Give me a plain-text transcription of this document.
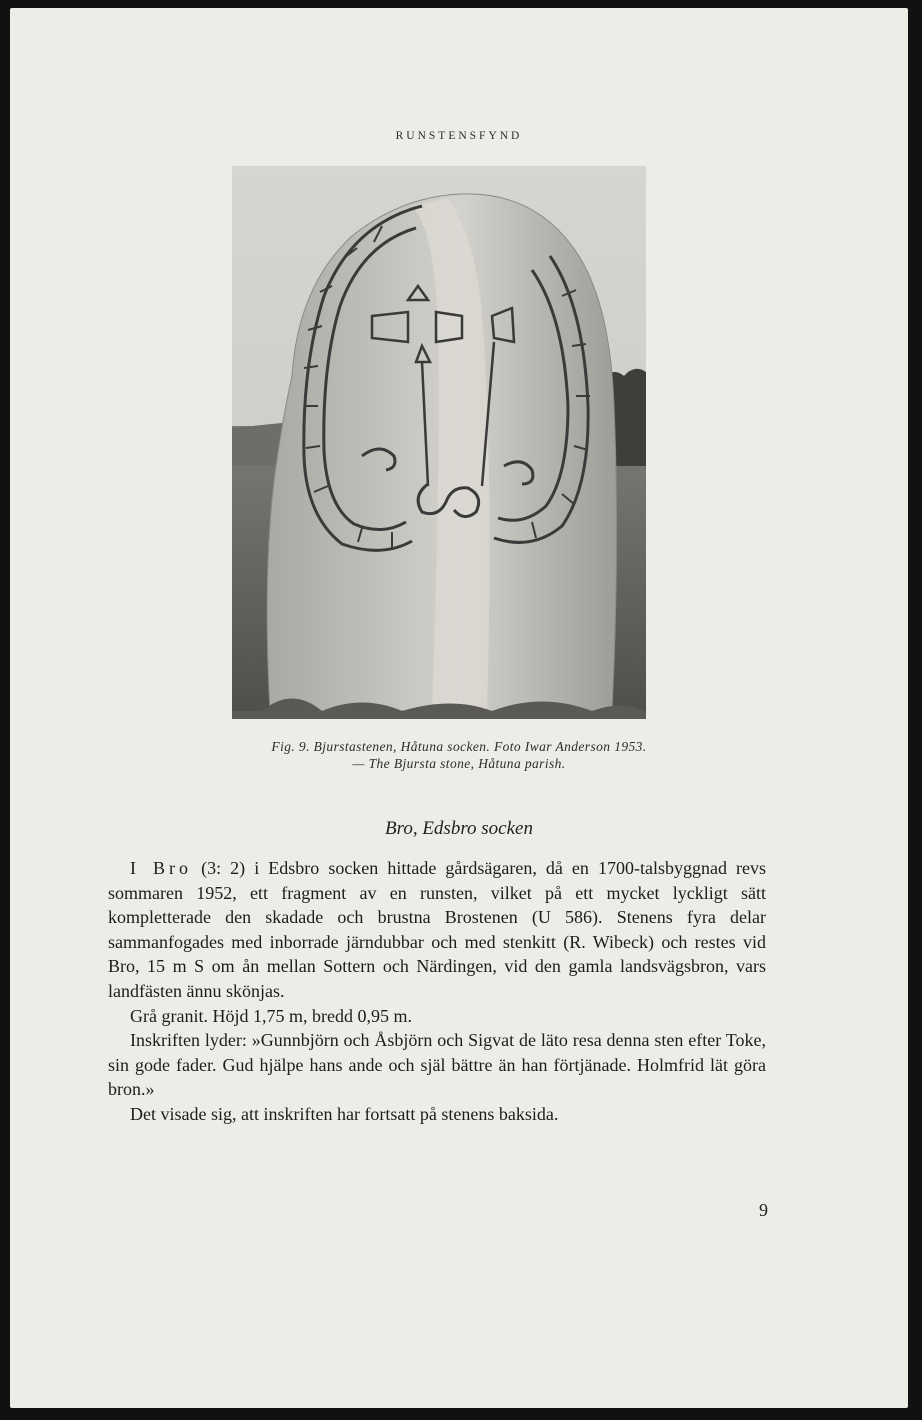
RUNSTENSFYND
Fig. 9. Bjurstastenen, Håtuna socken. Foto Iwar Anderson 1953.
— The Bjursta stone, Håtuna parish.
Bro, Edsbro socken

I Bro (3: 2) i Edsbro socken hittade gårdsägaren, då en 1700-talsbyggnad revs sommaren 1952, ett fragment av en runsten, vilket på ett mycket lyckligt sätt kompletterade den skadade och brustna Brostenen (U 586). Stenens fyra delar sammanfogades med inborrade järndubbar och med stenkitt (R. Wibeck) och restes vid Bro, 15 m S om ån mellan Sottern och Närdingen, vid den gamla landsvägsbron, vars landfästen ännu skönjas.

Grå granit. Höjd 1,75 m, bredd 0,95 m.

Inskriften lyder: »Gunnbjörn och Åsbjörn och Sigvat de läto resa denna sten efter Toke, sin gode fader. Gud hjälpe hans ande och själ bättre än han förtjänade. Holmfrid lät göra bron.»

Det visade sig, att inskriften har fortsatt på stenens baksida.

9
